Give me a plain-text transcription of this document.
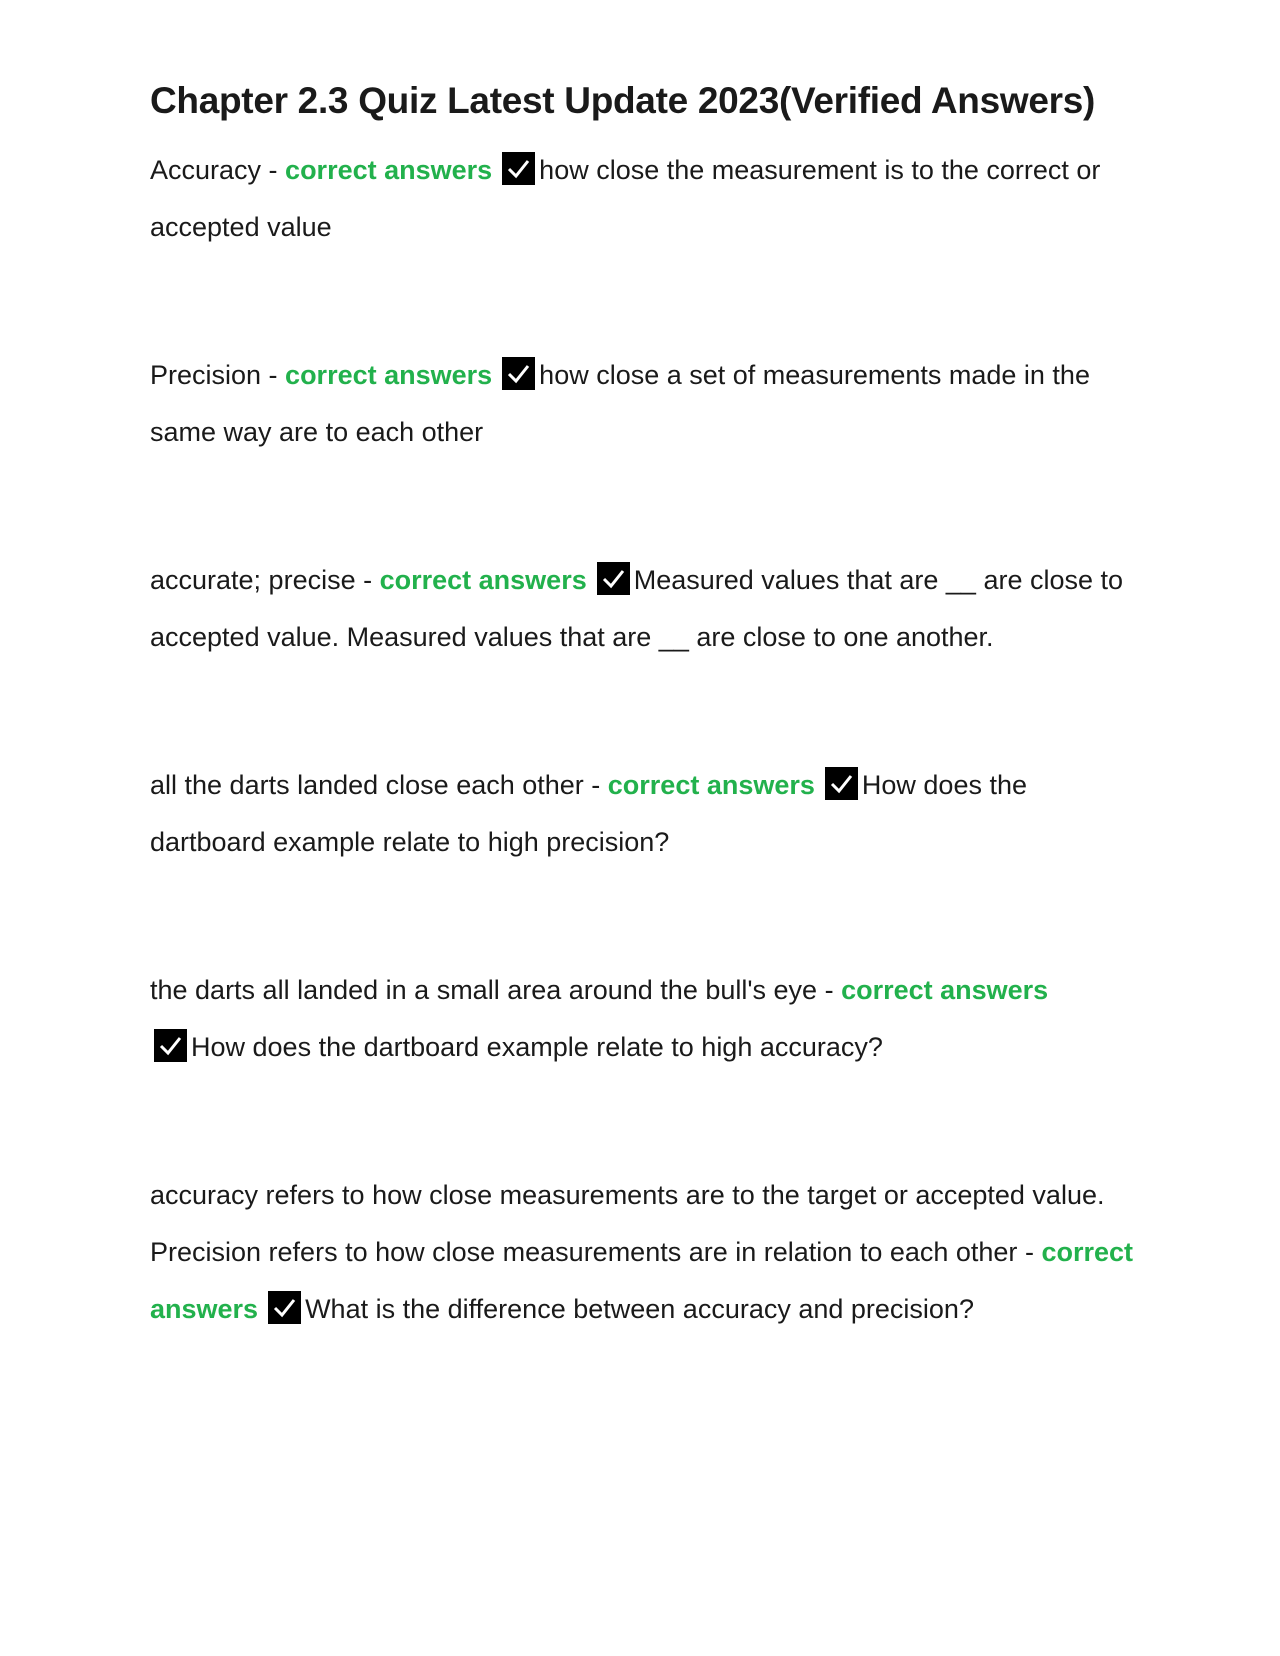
Chapter 2.3 Quiz Latest Update 2023(Verified Answers)

Accuracy - correct answers how close the measurement is to the correct or accepted value

Precision - correct answers how close a set of measurements made in the same way are to each other

accurate; precise - correct answers Measured values that are __ are close to accepted value. Measured values that are __ are close to one another.

all the darts landed close each other - correct answers How does the dartboard example relate to high precision?

the darts all landed in a small area around the bull's eye - correct answers

How does the dartboard example relate to high accuracy?

accuracy refers to how close measurements are to the target or accepted value. Precision refers to how close measurements are in relation to each other - correct answers What is the difference between accuracy and precision?
